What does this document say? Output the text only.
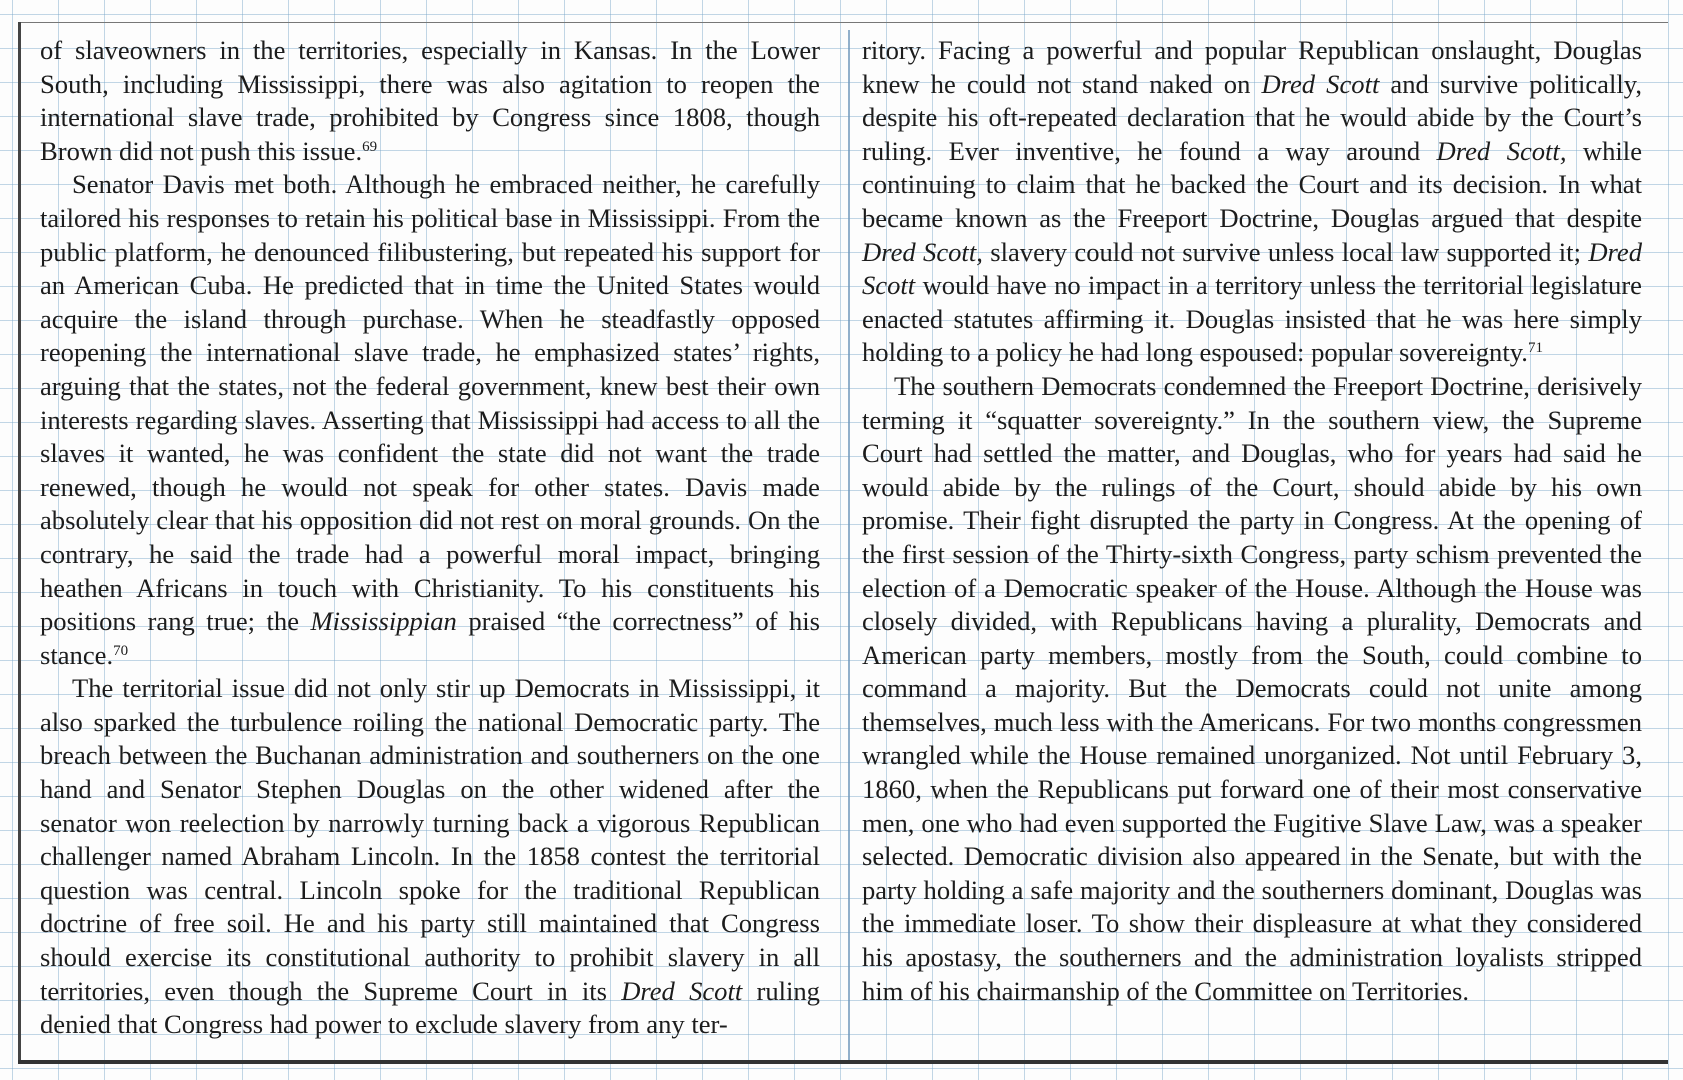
of slaveowners in the territories, especially in Kansas. In the Lower South, including Mississippi, there was also agitation to reopen the international slave trade, prohibited by Congress since 1808, though Brown did not push this issue.$^{69}$

Senator Davis met both. Although he embraced neither, he carefully tailored his responses to retain his political base in Mississippi. From the public platform, he denounced filibustering, but repeated his support for an American Cuba. He predicted that in time the United States would acquire the island through purchase. When he steadfastly opposed reopening the international slave trade, he emphasized states’ rights, arguing that the states, not the federal government, knew best their own interests regarding slaves. Asserting that Mississippi had access to all the slaves it wanted, he was confident the state did not want the trade renewed, though he would not speak for other states. Davis made absolutely clear that his opposition did not rest on moral grounds. On the contrary, he said the trade had a powerful moral impact, bringing heathen Africans in touch with Christianity. To his constituents his positions rang true; the Mississippian praised “the correctness” of his stance.$^{70}$

The territorial issue did not only stir up Democrats in Mississippi, it also sparked the turbulence roiling the national Democratic party. The breach between the Buchanan administration and southerners on the one hand and Senator Stephen Douglas on the other widened after the senator won reelection by narrowly turning back a vigorous Republican challenger named Abraham Lincoln. In the 1858 contest the territorial question was central. Lincoln spoke for the traditional Republican doctrine of free soil. He and his party still maintained that Congress should exercise its constitutional authority to prohibit slavery in all territories, even though the Supreme Court in its Dred Scott ruling denied that Congress had power to exclude slavery from any ter-

ritory. Facing a powerful and popular Republican onslaught, Douglas knew he could not stand naked on Dred Scott and survive politically, despite his oft-repeated declaration that he would abide by the Court’s ruling. Ever inventive, he found a way around Dred Scott, while continuing to claim that he backed the Court and its decision. In what became known as the Freeport Doctrine, Douglas argued that despite Dred Scott, slavery could not survive unless local law supported it; Dred Scott would have no impact in a territory unless the territorial legislature enacted statutes affirming it. Douglas insisted that he was here simply holding to a policy he had long espoused: popular sovereignty.$^{71}$

The southern Democrats condemned the Freeport Doctrine, derisively terming it “squatter sovereignty.” In the southern view, the Supreme Court had settled the matter, and Douglas, who for years had said he would abide by the rulings of the Court, should abide by his own promise. Their fight disrupted the party in Congress. At the opening of the first session of the Thirty-sixth Congress, party schism prevented the election of a Democratic speaker of the House. Although the House was closely divided, with Republicans having a plurality, Democrats and American party members, mostly from the South, could combine to command a majority. But the Democrats could not unite among themselves, much less with the Americans. For two months congressmen wrangled while the House remained unorganized. Not until February 3, 1860, when the Republicans put forward one of their most conservative men, one who had even supported the Fugitive Slave Law, was a speaker selected. Democratic division also appeared in the Senate, but with the party holding a safe majority and the southerners dominant, Douglas was the immediate loser. To show their displeasure at what they considered his apostasy, the southerners and the administration loyalists stripped him of his chairmanship of the Committee on Territories.
